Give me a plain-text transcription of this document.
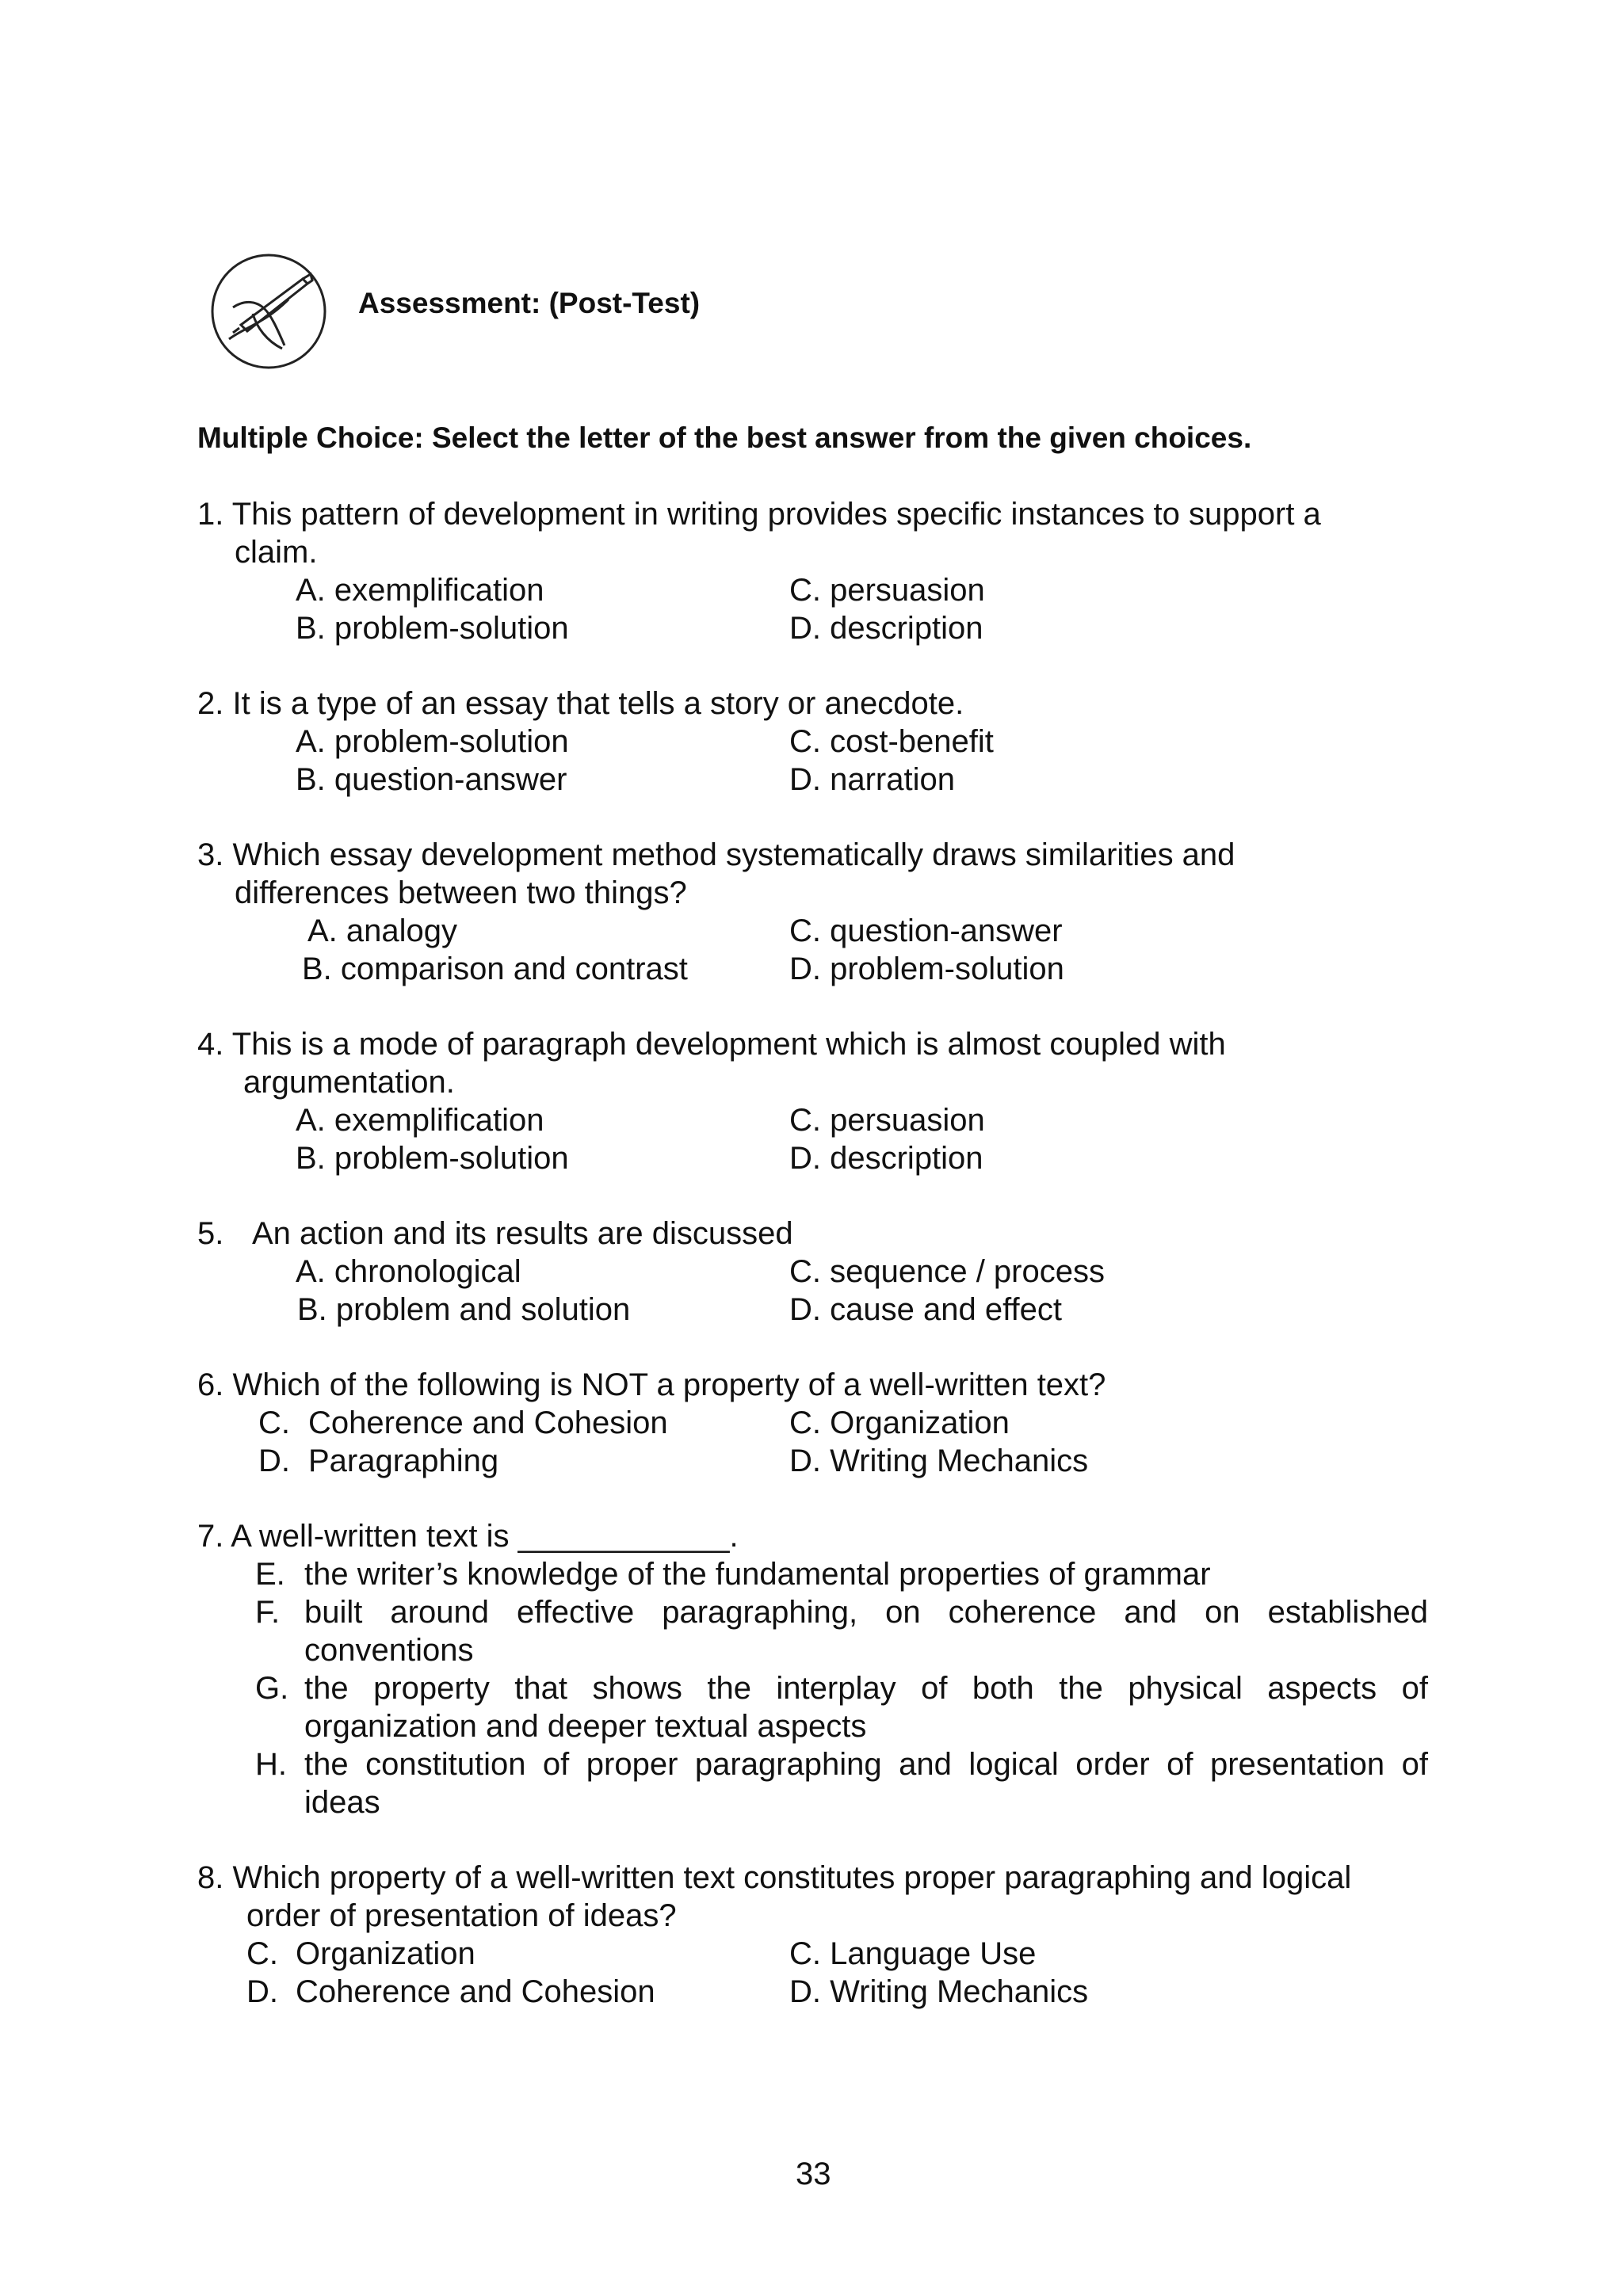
Assessment: (Post-Test)
Multiple Choice: Select the letter of the best answer from the given choices.
1. This pattern of development in writing provides specific instances to support a
claim.
A. exemplification
B. problem-solution
C. persuasion
D. description
2. It is a type of an essay that tells a story or anecdote.
A. problem-solution
B. question-answer
C. cost-benefit
D. narration
3. Which essay development method systematically draws similarities and
differences between two things?
A. analogy
B. comparison and contrast
C. question-answer
D. problem-solution
4. This is a mode of paragraph development which is almost coupled with
argumentation.
A. exemplification
B. problem-solution
C. persuasion
D. description
5. An action and its results are discussed
A. chronological
B. problem and solution
C. sequence / process
D. cause and effect
6. Which of the following is NOT a property of a well-written text?
C. Coherence and Cohesion
D. Paragraphing
C. Organization
D. Writing Mechanics
7. A well-written text is ____________.
E. the writer’s knowledge of the fundamental properties of grammar
F. built around effective paragraphing, on coherence and on established conventions
G. the property that shows the interplay of both the physical aspects of organization and deeper textual aspects
H. the constitution of proper paragraphing and logical order of presentation of ideas
8. Which property of a well-written text constitutes proper paragraphing and logical
order of presentation of ideas?
C. Organization
D. Coherence and Cohesion
C. Language Use
D. Writing Mechanics
33
